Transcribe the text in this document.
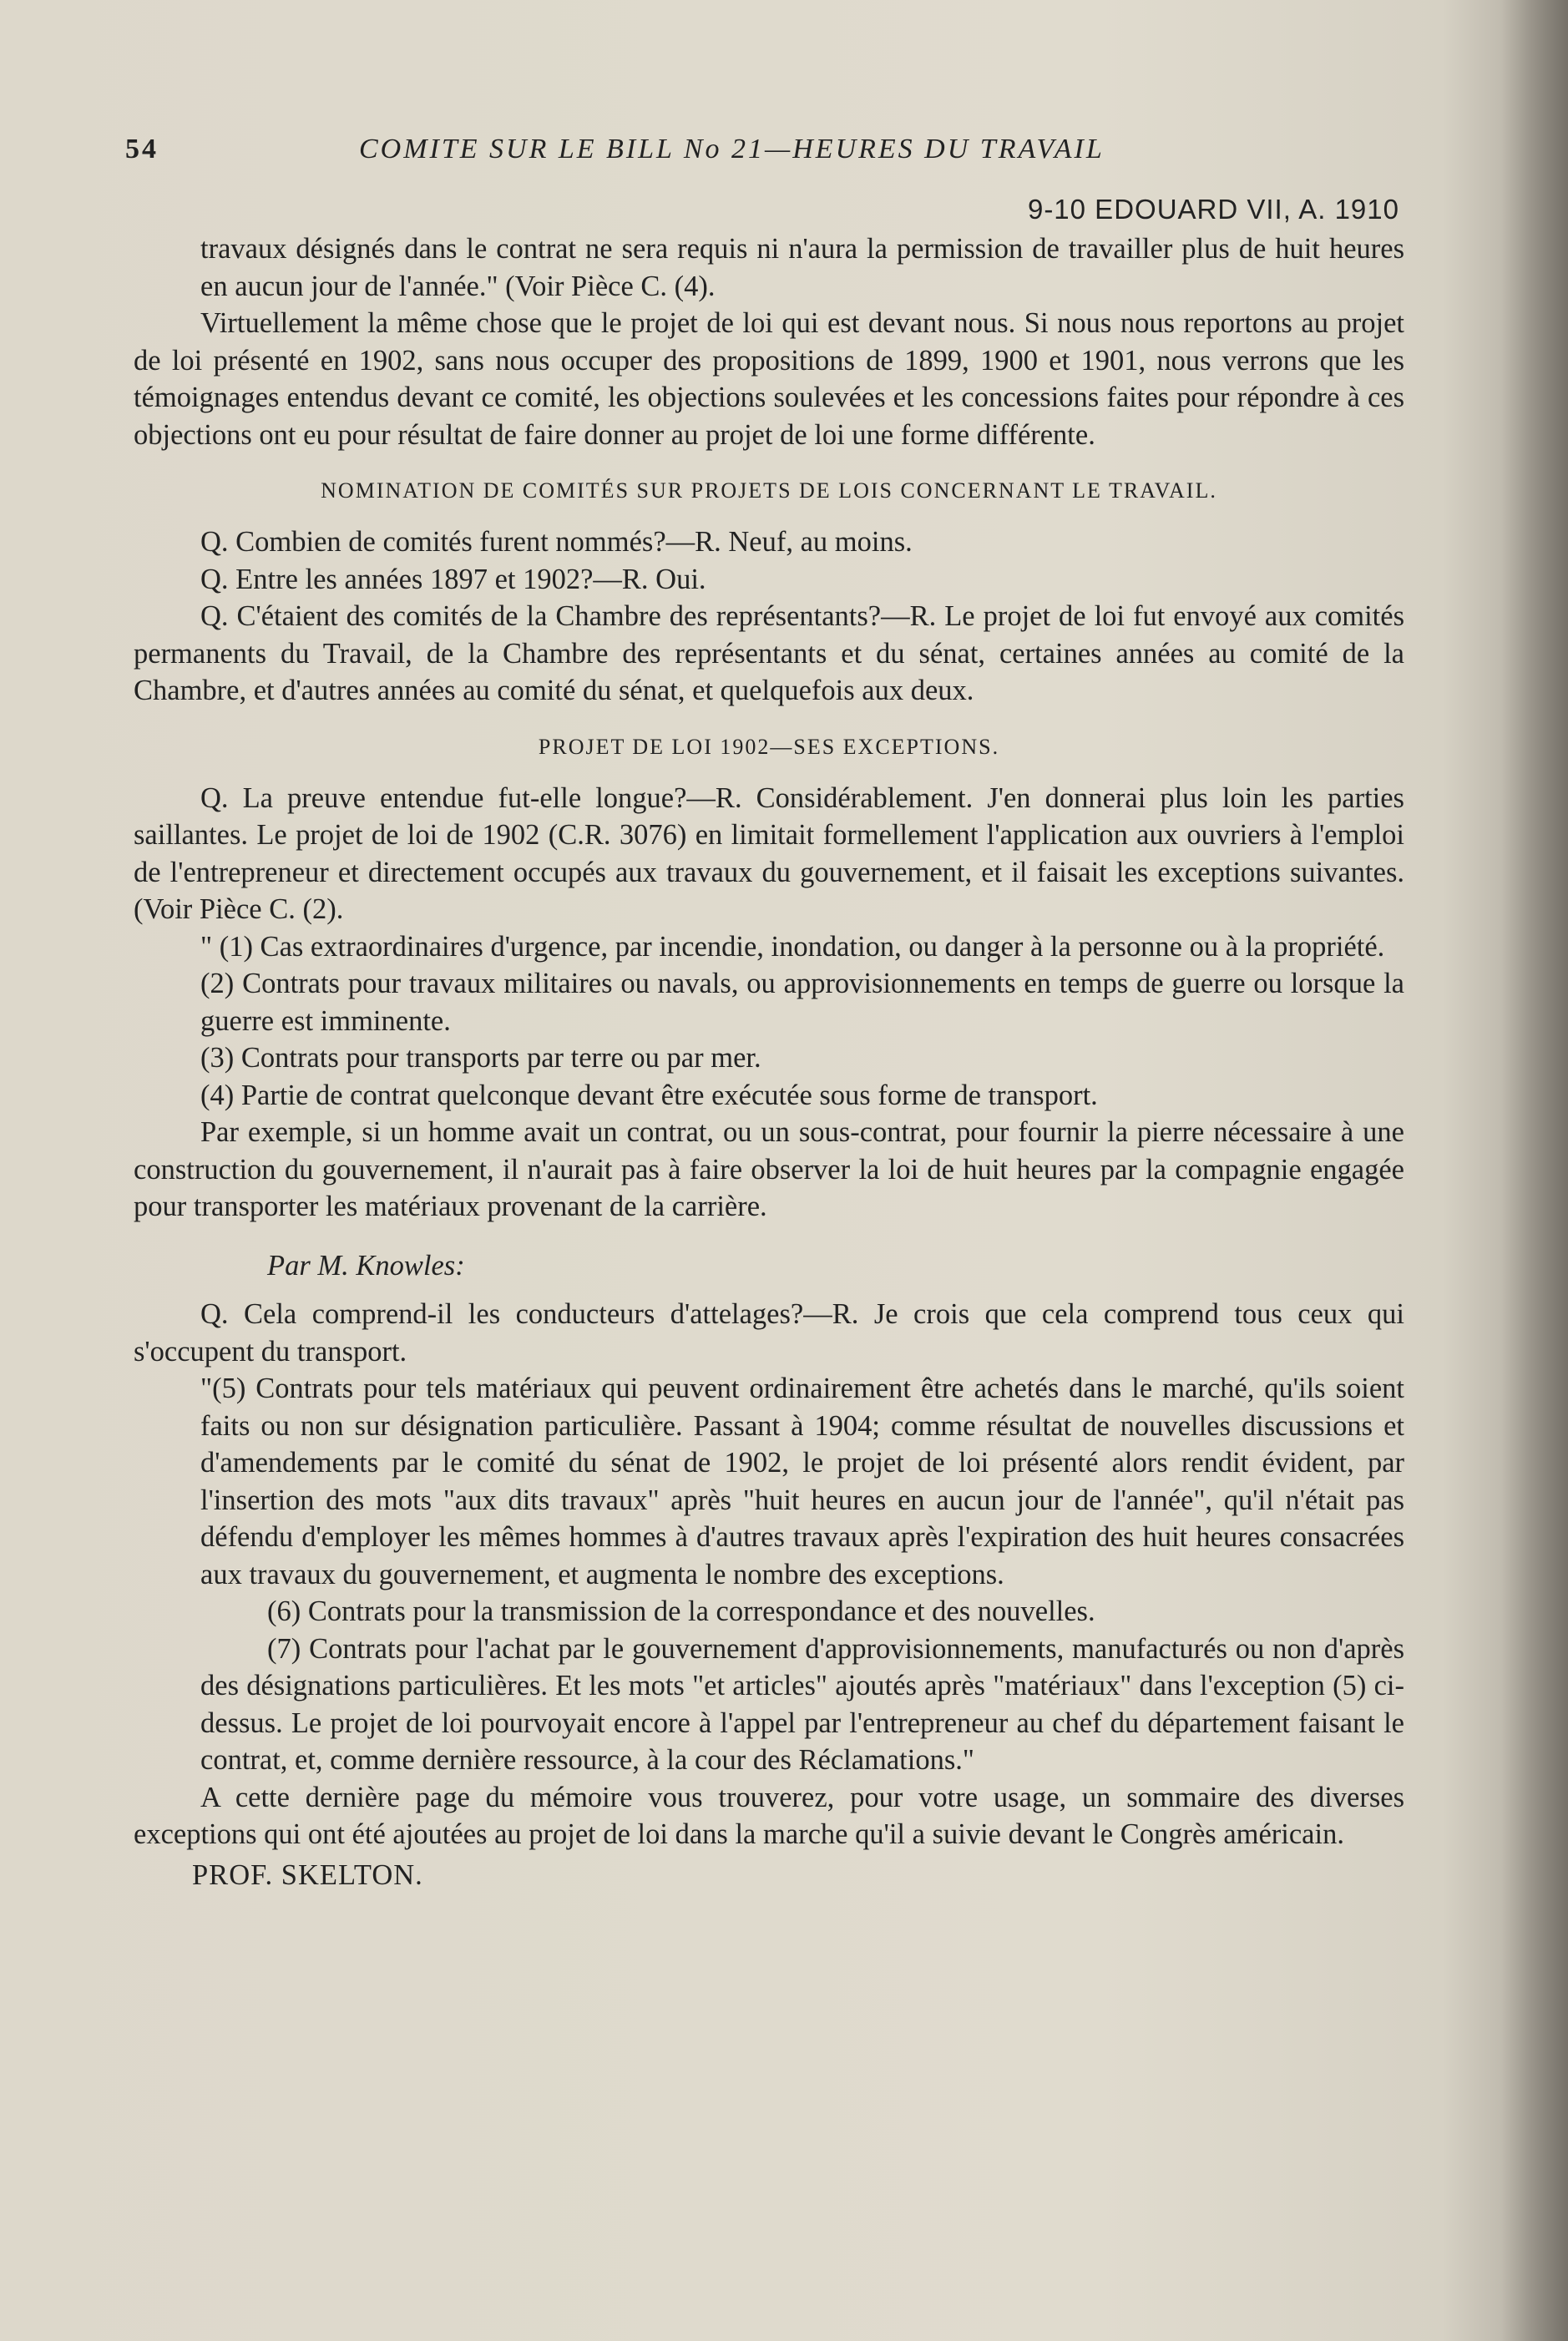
54	COMITE SUR LE BILL No 21—HEURES DU TRAVAIL
9-10 EDOUARD VII, A. 1910

travaux désignés dans le contrat ne sera requis ni n'aura la permission de travailler plus de huit heures en aucun jour de l'année." (Voir Pièce C. (4).

Virtuellement la même chose que le projet de loi qui est devant nous. Si nous nous reportons au projet de loi présenté en 1902, sans nous occuper des propositions de 1899, 1900 et 1901, nous verrons que les témoignages entendus devant ce comité, les objections soulevées et les concessions faites pour répondre à ces objections ont eu pour résultat de faire donner au projet de loi une forme différente.

NOMINATION DE COMITÉS SUR PROJETS DE LOIS CONCERNANT LE TRAVAIL.

Q. Combien de comités furent nommés?—R. Neuf, au moins.

Q. Entre les années 1897 et 1902?—R. Oui.

Q. C'étaient des comités de la Chambre des représentants?—R. Le projet de loi fut envoyé aux comités permanents du Travail, de la Chambre des représentants et du sénat, certaines années au comité de la Chambre, et d'autres années au comité du sénat, et quelquefois aux deux.

PROJET DE LOI 1902—SES EXCEPTIONS.

Q. La preuve entendue fut-elle longue?—R. Considérablement. J'en donnerai plus loin les parties saillantes. Le projet de loi de 1902 (C.R. 3076) en limitait formellement l'application aux ouvriers à l'emploi de l'entrepreneur et directement occupés aux travaux du gouvernement, et il faisait les exceptions suivantes. (Voir Pièce C. (2).

" (1) Cas extraordinaires d'urgence, par incendie, inondation, ou danger à la personne ou à la propriété.

(2) Contrats pour travaux militaires ou navals, ou approvisionnements en temps de guerre ou lorsque la guerre est imminente.

(3) Contrats pour transports par terre ou par mer.

(4) Partie de contrat quelconque devant être exécutée sous forme de transport.

Par exemple, si un homme avait un contrat, ou un sous-contrat, pour fournir la pierre nécessaire à une construction du gouvernement, il n'aurait pas à faire observer la loi de huit heures par la compagnie engagée pour transporter les matériaux provenant de la carrière.

Par M. Knowles:

Q. Cela comprend-il les conducteurs d'attelages?—R. Je crois que cela comprend tous ceux qui s'occupent du transport.

"(5) Contrats pour tels matériaux qui peuvent ordinairement être achetés dans le marché, qu'ils soient faits ou non sur désignation particulière. Passant à 1904; comme résultat de nouvelles discussions et d'amendements par le comité du sénat de 1902, le projet de loi présenté alors rendit évident, par l'insertion des mots "aux dits travaux" après "huit heures en aucun jour de l'année", qu'il n'était pas défendu d'employer les mêmes hommes à d'autres travaux après l'expiration des huit heures consacrées aux travaux du gouvernement, et augmenta le nombre des exceptions.

(6) Contrats pour la transmission de la correspondance et des nouvelles.

(7) Contrats pour l'achat par le gouvernement d'approvisionnements, manufacturés ou non d'après des désignations particulières. Et les mots "et articles" ajoutés après "matériaux" dans l'exception (5) ci-dessus. Le projet de loi pourvoyait encore à l'appel par l'entrepreneur au chef du département faisant le contrat, et, comme dernière ressource, à la cour des Réclamations."

A cette dernière page du mémoire vous trouverez, pour votre usage, un sommaire des diverses exceptions qui ont été ajoutées au projet de loi dans la marche qu'il a suivie devant le Congrès américain.

PROF. SKELTON.
